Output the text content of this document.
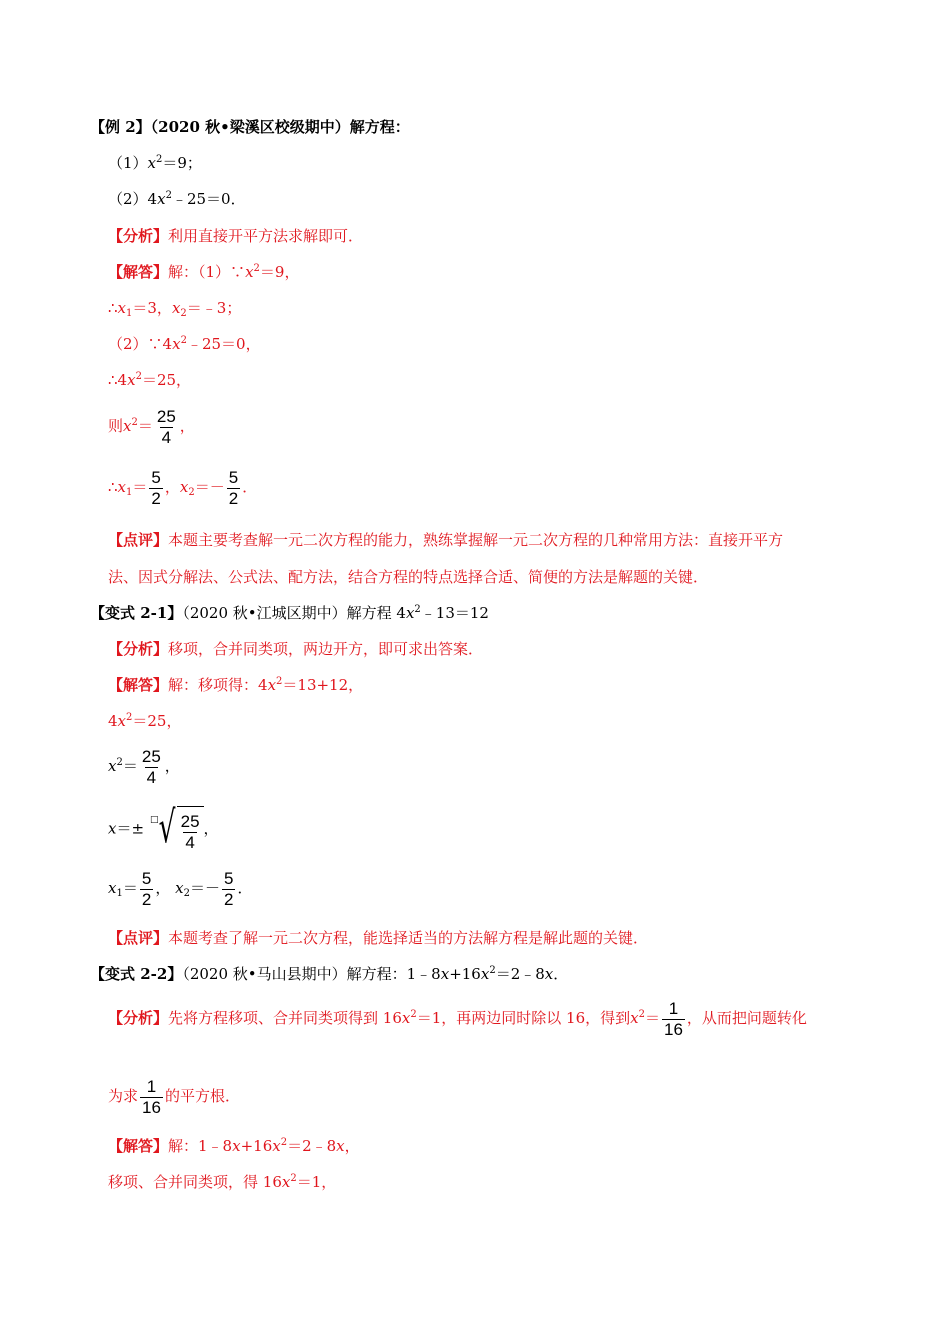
【例 2】（2020 秋•梁溪区校级期中）解方程：
$(1)x^2=9$；
$(2)4x^2﹣25=0$．
【分析】利用直接开平方法求解即可．
【解答】解：$(1)\because x^2=9$，
$\therefore x_1=3$，$x_2=﹣3$；
$(2)\because 4x^2﹣25=0$，
$\therefore 4x^2=25$，
则$x^2= \frac{25}{4}$ ，
$\therefore x_1= \frac{5}{2}$ ，$x_2=- \frac{5}{2}$ ．
【点评】本题主要考查解一元二次方程的能力，熟练掌握解一元二次方程的几种常用方法：直接开平方
法、因式分解法、公式法、配方法，结合方程的特点选择合适、简便的方法是解题的关键．
【变式 2-1】（2020 秋•江城区期中）解方程 $4x^2﹣13=12$
【分析】移项，合并同类项，两边开方，即可求出答案．
【解答】解：移项得：$4x^2=13+12$，
$4x^2=25$，
$x^2= \frac{25}{4}$ ，
x＝± □ √ $\frac{25}{4}$ ，
$x_1= \frac{5}{2}$ ， $x_2=- \frac{5}{2}$ ．
【点评】本题考查了解一元二次方程，能选择适当的方法解方程是解此题的关键．
【变式 2-2】（2020 秋•马山县期中）解方程：$1﹣8x+16x^2=2﹣8x$．
【分析】先将方程移项、合并同类项得到 $16x^2=1$，再两边同时除以 16，得到$x^2= \frac{1}{16}$ ，从而把问题转化
为求 $\frac{1}{16}$ 的平方根．
【解答】解：$1﹣8x+16x^2=2﹣8x$，
移项、合并同类项，得 $16x^2=1$，
